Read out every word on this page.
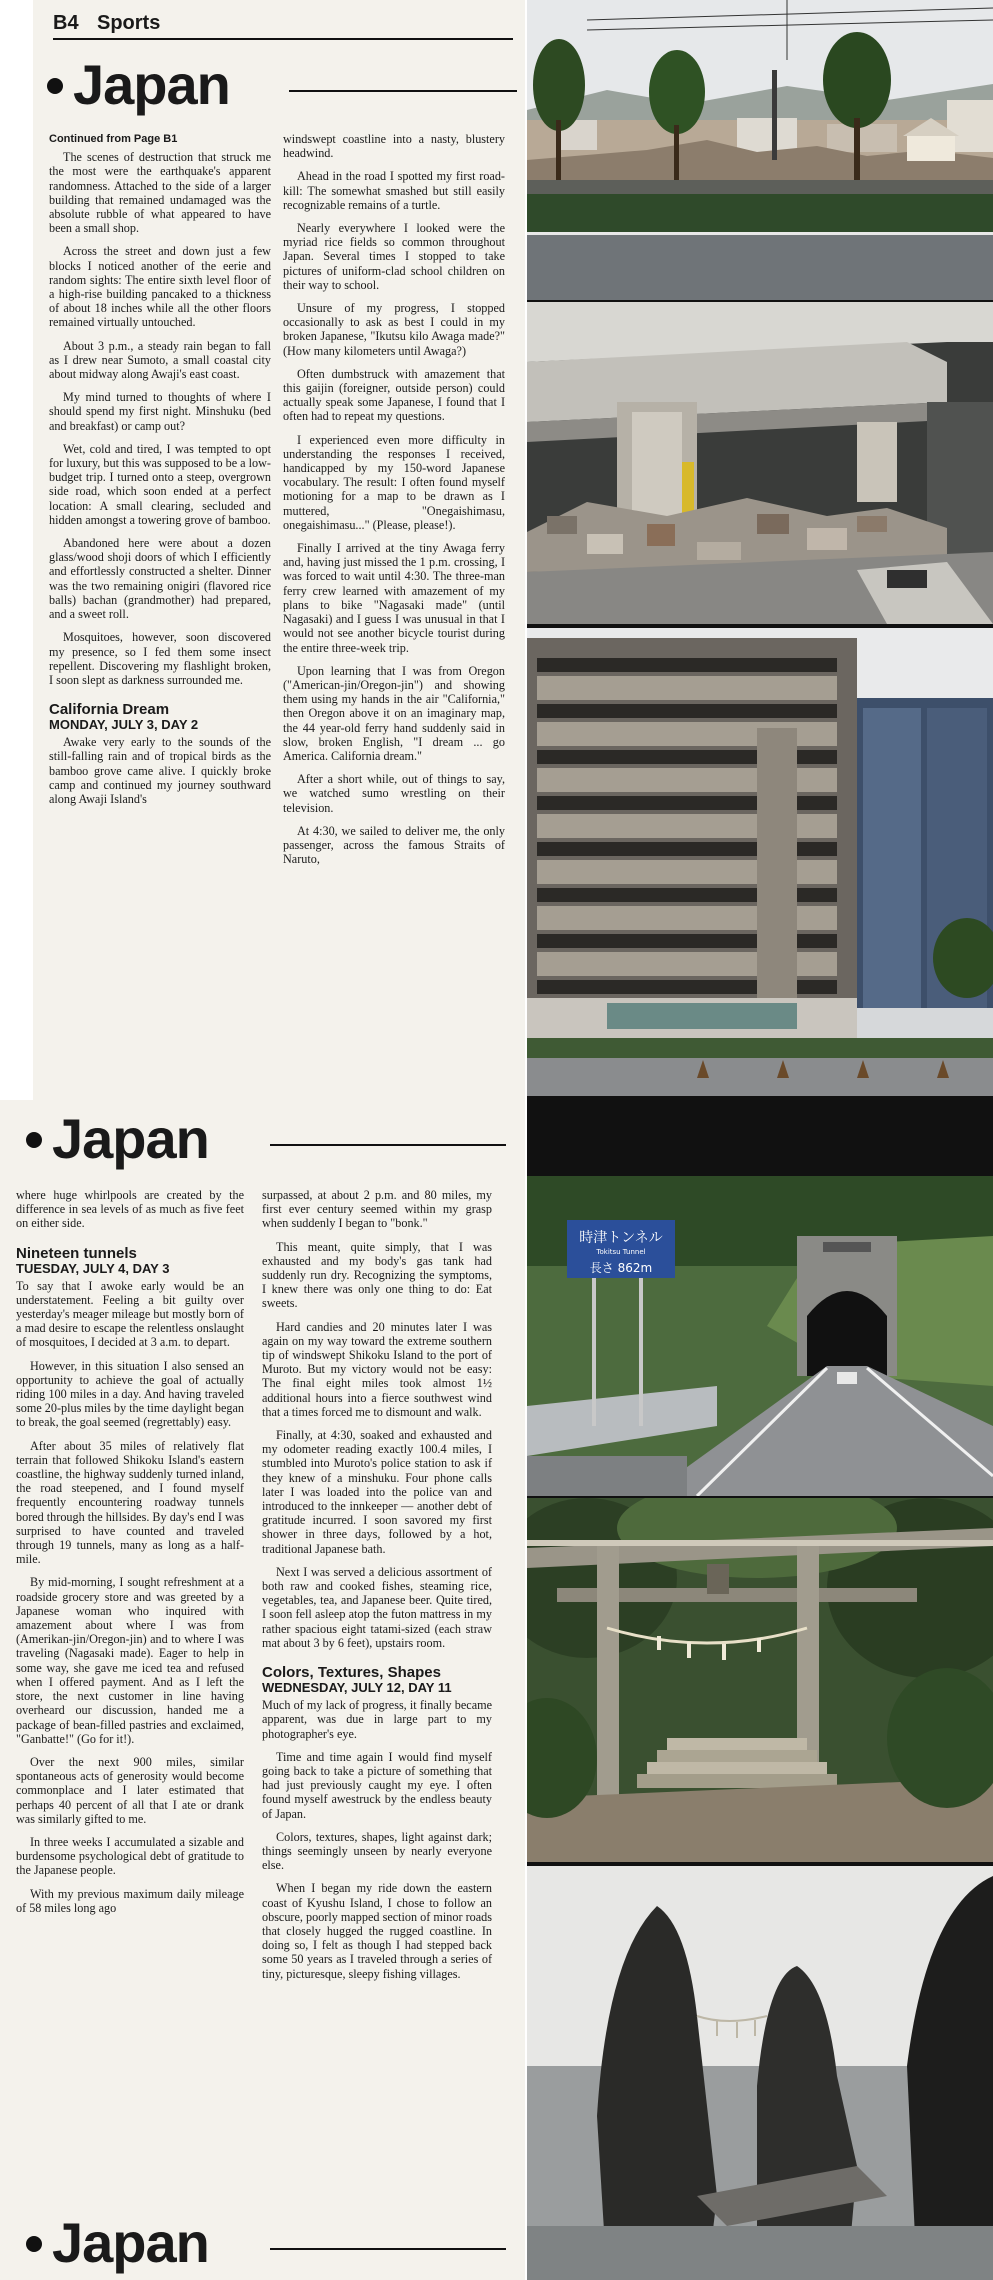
B4 Sports
Japan
Continued from Page B1

The scenes of destruction that struck me the most were the earthquake's apparent randomness. Attached to the side of a larger building that remained undamaged was the absolute rubble of what appeared to have been a small shop.

Across the street and down just a few blocks I noticed another of the eerie and random sights: The entire sixth level floor of a high-rise building pancaked to a thickness of about 18 inches while all the other floors remained virtually untouched.

About 3 p.m., a steady rain began to fall as I drew near Sumoto, a small coastal city about midway along Awaji's east coast.

My mind turned to thoughts of where I should spend my first night. Minshuku (bed and breakfast) or camp out?

Wet, cold and tired, I was tempted to opt for luxury, but this was supposed to be a low-budget trip. I turned onto a steep, overgrown side road, which soon ended at a perfect location: A small clearing, secluded and hidden amongst a towering grove of bamboo.

Abandoned here were about a dozen glass/wood shoji doors of which I efficiently and effortlessly constructed a shelter. Dinner was the two remaining onigiri (flavored rice balls) bachan (grandmother) had prepared, and a sweet roll.

Mosquitoes, however, soon discovered my presence, so I fed them some insect repellent. Discovering my flashlight broken, I soon slept as darkness surrounded me.

California Dream
MONDAY, JULY 3, DAY 2

Awake very early to the sounds of the still-falling rain and of tropical birds as the bamboo grove came alive. I quickly broke camp and continued my journey southward along Awaji Island's

windswept coastline into a nasty, blustery headwind.

Ahead in the road I spotted my first road-kill: The somewhat smashed but still easily recognizable remains of a turtle.

Nearly everywhere I looked were the myriad rice fields so common throughout Japan. Several times I stopped to take pictures of uniform-clad school children on their way to school.

Unsure of my progress, I stopped occasionally to ask as best I could in my broken Japanese, "Ikutsu kilo Awaga made?" (How many kilometers until Awaga?)

Often dumbstruck with amazement that this gaijin (foreigner, outside person) could actually speak some Japanese, I found that I often had to repeat my questions.

I experienced even more difficulty in understanding the responses I received, handicapped by my 150-word Japanese vocabulary. The result: I often found myself motioning for a map to be drawn as I muttered, "Onegaishimasu, onegaishimasu..." (Please, please!).

Finally I arrived at the tiny Awaga ferry and, having just missed the 1 p.m. crossing, I was forced to wait until 4:30. The three-man ferry crew learned with amazement of my plans to bike "Nagasaki made" (until Nagasaki) and I guess I was unusual in that I would not see another bicycle tourist during the entire three-week trip.

Upon learning that I was from Oregon ("American-jin/Oregon-jin") and showing them using my hands in the air "California," then Oregon above it on an imaginary map, the 44 year-old ferry hand suddenly said in slow, broken English, "I dream ... go America. California dream."

After a short while, out of things to say, we watched sumo wrestling on their television.

At 4:30, we sailed to deliver me, the only passenger, across the famous Straits of Naruto,

Japan

where huge whirlpools are created by the difference in sea levels of as much as five feet on either side.

Nineteen tunnels
TUESDAY, JULY 4, DAY 3

To say that I awoke early would be an understatement. Feeling a bit guilty over yesterday's meager mileage but mostly born of a mad desire to escape the relentless onslaught of mosquitoes, I decided at 3 a.m. to depart.

However, in this situation I also sensed an opportunity to achieve the goal of actually riding 100 miles in a day. And having traveled some 20-plus miles by the time daylight began to break, the goal seemed (regrettably) easy.

After about 35 miles of relatively flat terrain that followed Shikoku Island's eastern coastline, the highway suddenly turned inland, the road steepened, and I found myself frequently encountering roadway tunnels bored through the hillsides. By day's end I was surprised to have counted and traveled through 19 tunnels, many as long as a half-mile.

By mid-morning, I sought refreshment at a roadside grocery store and was greeted by a Japanese woman who inquired with amazement about where I was from (Amerikan-jin/Oregon-jin) and to where I was traveling (Nagasaki made). Eager to help in some way, she gave me iced tea and refused when I offered payment. And as I left the store, the next customer in line having overheard our discussion, handed me a package of bean-filled pastries and exclaimed, "Ganbatte!" (Go for it!).

Over the next 900 miles, similar spontaneous acts of generosity would become commonplace and I later estimated that perhaps 40 percent of all that I ate or drank was similarly gifted to me.

In three weeks I accumulated a sizable and burdensome psychological debt of gratitude to the Japanese people.

With my previous maximum daily mileage of 58 miles long ago

surpassed, at about 2 p.m. and 80 miles, my first ever century seemed within my grasp when suddenly I began to "bonk."

This meant, quite simply, that I was exhausted and my body's gas tank had suddenly run dry. Recognizing the symptoms, I knew there was only one thing to do: Eat sweets.

Hard candies and 20 minutes later I was again on my way toward the extreme southern tip of windswept Shikoku Island to the port of Muroto. But my victory would not be easy: The final eight miles took almost 1½ additional hours into a fierce southwest wind that a times forced me to dismount and walk.

Finally, at 4:30, soaked and exhausted and my odometer reading exactly 100.4 miles, I stumbled into Muroto's police station to ask if they knew of a minshuku. Four phone calls later I was loaded into the police van and introduced to the innkeeper — another debt of gratitude incurred. I soon savored my first shower in three days, followed by a hot, traditional Japanese bath.

Next I was served a delicious assortment of both raw and cooked fishes, steaming rice, vegetables, tea, and Japanese beer. Quite tired, I soon fell asleep atop the futon mattress in my rather spacious eight tatami-sized (each straw mat about 3 by 6 feet), upstairs room.

Colors, Textures, Shapes
WEDNESDAY, JULY 12, DAY 11

Much of my lack of progress, it finally became apparent, was due in large part to my photographer's eye.

Time and time again I would find myself going back to take a picture of something that had just previously caught my eye. I often found myself awestruck by the endless beauty of Japan.

Colors, textures, shapes, light against dark; things seemingly unseen by nearly everyone else.

When I began my ride down the eastern coast of Kyushu Island, I chose to follow an obscure, poorly mapped section of minor roads that closely hugged the rugged coastline. In doing so, I felt as though I had stepped back some 50 years as I traveled through a series of tiny, picturesque, sleepy fishing villages.

Japan
時津トンネル
Tokitsu Tunnel
長さ 862m
